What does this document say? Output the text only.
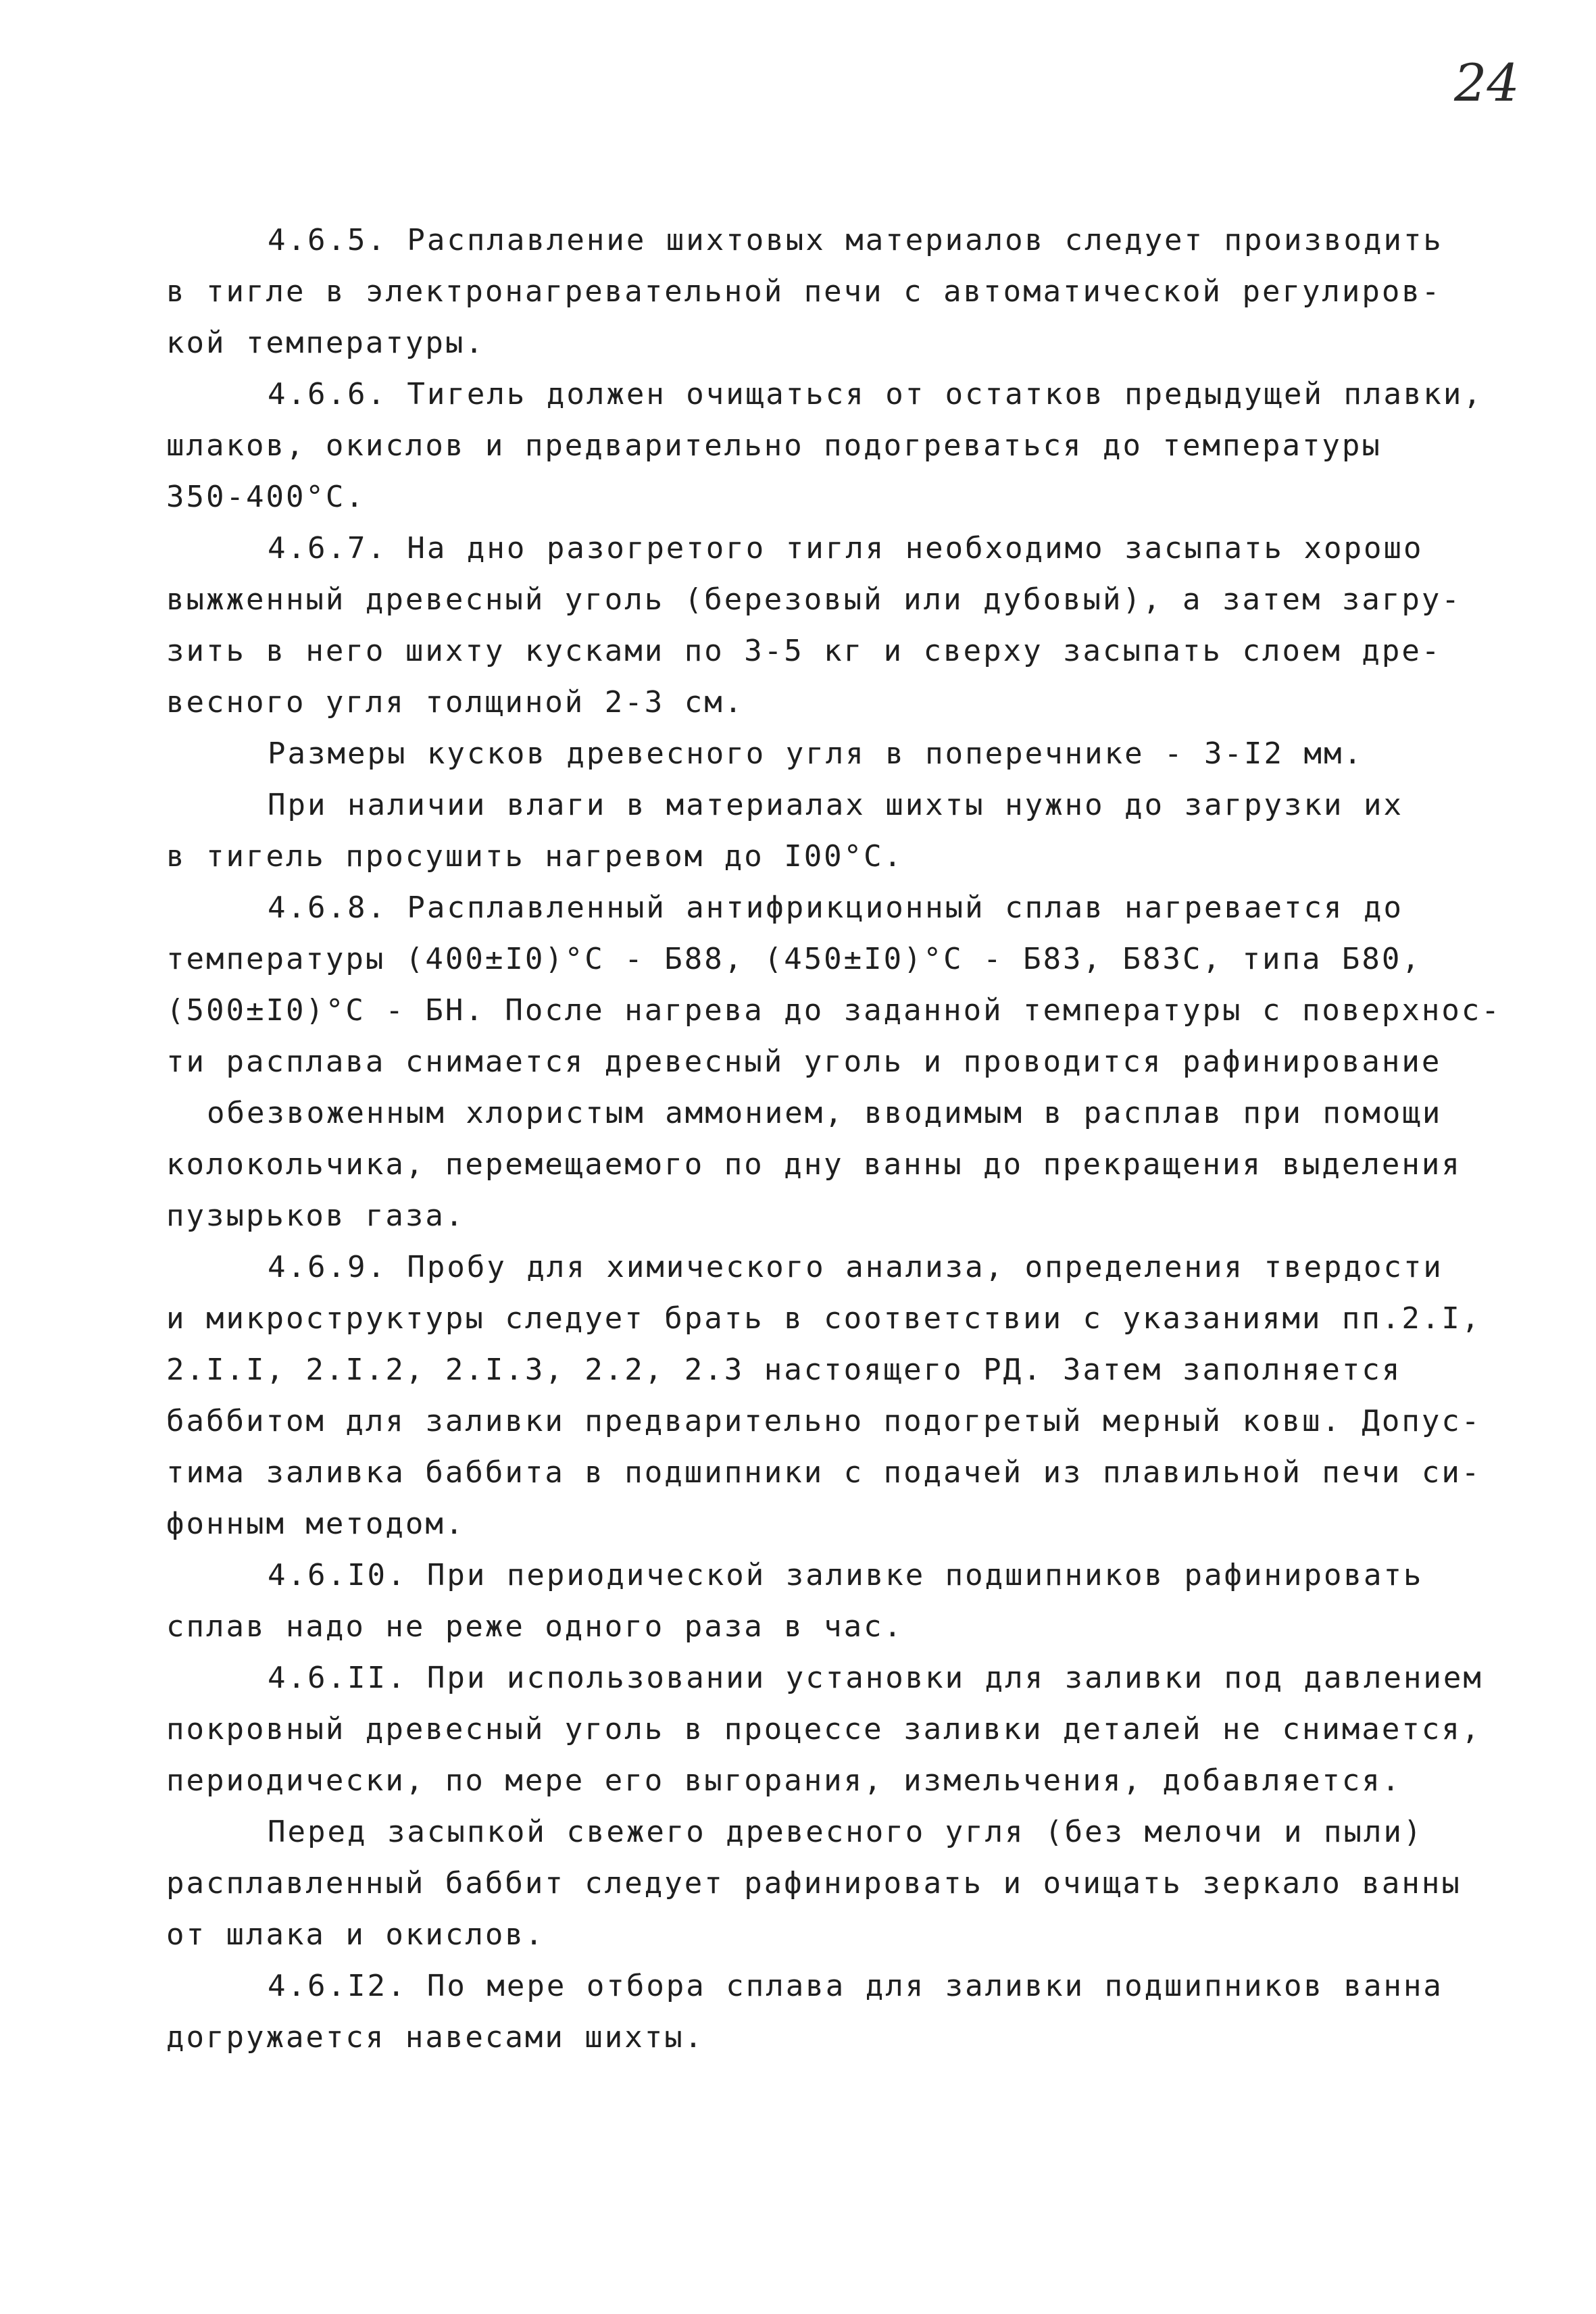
24
4.6.5. Расплавление шихтовых материалов следует производить
в тигле в электронагревательной печи с автоматической регулиров-
кой температуры.
4.6.6. Тигель должен очищаться от остатков предыдущей плавки,
шлаков, окислов и предварительно подогреваться до температуры
350-400°С.
4.6.7. На дно разогретого тигля необходимо засыпать хорошо
выжженный древесный уголь (березовый или дубовый), а затем загру-
зить в него шихту кусками по 3-5 кг и сверху засыпать слоем дре-
весного угля толщиной 2-3 см.
Размеры кусков древесного угля в поперечнике - 3-I2 мм.
При наличии влаги в материалах шихты нужно до загрузки их
в тигель просушить нагревом до I00°С.
4.6.8. Расплавленный антифрикционный сплав нагревается до
температуры (400±I0)°С - Б88, (450±I0)°С - Б83, Б83С, типа Б80,
(500±I0)°С - БН. После нагрева до заданной температуры с поверхнос-
ти расплава снимается древесный уголь и проводится рафинирование
обезвоженным хлористым аммонием, вводимым в расплав при помощи
колокольчика, перемещаемого по дну ванны до прекращения выделения
пузырьков газа.
4.6.9. Пробу для химического анализа, определения твердости
и микроструктуры следует брать в соответствии с указаниями пп.2.I,
2.I.I, 2.I.2, 2.I.3, 2.2, 2.3 настоящего РД. Затем заполняется
баббитом для заливки предварительно подогретый мерный ковш. Допус-
тима заливка баббита в подшипники с подачей из плавильной печи си-
фонным методом.
4.6.I0. При периодической заливке подшипников рафинировать
сплав надо не реже одного раза в час.
4.6.II. При использовании установки для заливки под давлением
покровный древесный уголь в процессе заливки деталей не снимается,
периодически, по мере его выгорания, измельчения, добавляется.
Перед засыпкой свежего древесного угля (без мелочи и пыли)
расплавленный баббит следует рафинировать и очищать зеркало ванны
от шлака и окислов.
4.6.I2. По мере отбора сплава для заливки подшипников ванна
догружается навесами шихты.
